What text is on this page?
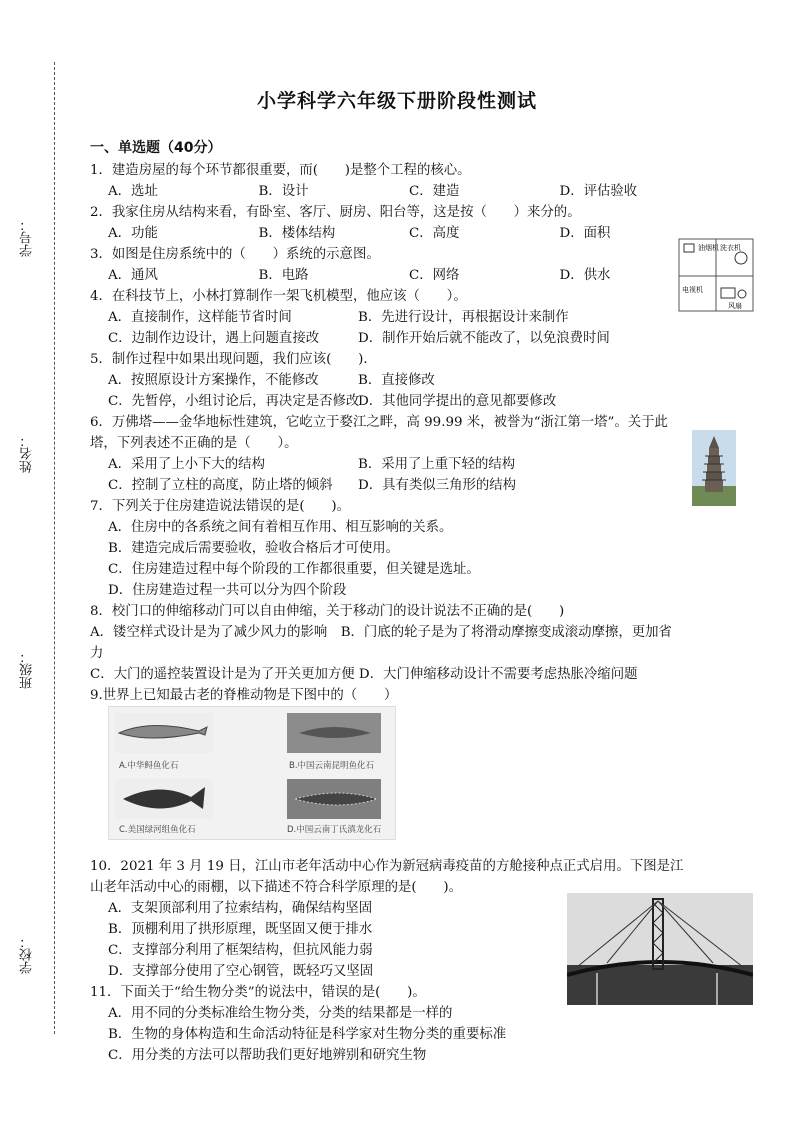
学号：
姓名：
班级：
学校：
小学科学六年级下册阶段性测试
一、单选题（40分）
1．建造房屋的每个环节都很重要，而(　　)是整个工程的核心。
A．选址	B．设计	C．建造	D．评估验收
2．我家住房从结构来看，有卧室、客厅、厨房、阳台等，这是按（　　）来分的。
A．功能	B．楼体结构	C．高度	D．面积
3．如图是住房系统中的（　　）系统的示意图。
A．通风	B．电路	C．网络	D．供水
4．在科技节上，小林打算制作一架飞机模型，他应该（　　）。
A．直接制作，这样能节省时间	B．先进行设计，再根据设计来制作
C．边制作边设计，遇上问题直接改	D．制作开始后就不能改了，以免浪费时间
5．制作过程中如果出现问题，我们应该(　　)．
A．按照原设计方案操作，不能修改	B．直接修改
C．先暂停，小组讨论后，再决定是否修改
D．其他同学提出的意见都要修改
6．万佛塔——金华地标性建筑，它屹立于婺江之畔，高 99.99 米，被誉为“浙江第一塔”。关于此
塔，下列表述不正确的是（　　）。
A．采用了上小下大的结构	B．采用了上重下轻的结构
C．控制了立柱的高度，防止塔的倾斜	D．具有类似三角形的结构
7．下列关于住房建造说法错误的是(　　)。
A．住房中的各系统之间有着相互作用、相互影响的关系。
B．建造完成后需要验收，验收合格后才可使用。
C．住房建造过程中每个阶段的工作都很重要，但关键是选址。
D．住房建造过程一共可以分为四个阶段
8．校门口的伸缩移动门可以自由伸缩，关于移动门的设计说法不正确的是(　　)
A．镂空样式设计是为了减少风力的影响　B．门底的轮子是为了将滑动摩擦变成滚动摩擦，更加省
力
C．大门的遥控装置设计是为了开关更加方便 D．大门伸缩移动设计不需要考虑热胀冷缩问题
9.世界上已知最古老的脊椎动物是下图中的（　　）
10．2021 年 3 月 19 日，江山市老年活动中心作为新冠病毒疫苗的方舱接种点正式启用。下图是江
山老年活动中心的雨棚，以下描述不符合科学原理的是(　　)。
A．支架顶部利用了拉索结构，确保结构坚固
B．顶棚利用了拱形原理，既坚固又便于排水
C．支撑部分利用了框架结构，但抗风能力弱
D．支撑部分使用了空心钢管，既轻巧又坚固
11．下面关于“给生物分类”的说法中，错误的是(　　)。
A．用不同的分类标准给生物分类，分类的结果都是一样的
B．生物的身体构造和生命活动特征是科学家对生物分类的重要标准
C．用分类的方法可以帮助我们更好地辨别和研究生物
油烟机 洗衣机
电视机
风扇
A.中华鲟鱼化石	B.中国云南昆明鱼化石
C.美国绿河组鱼化石	D.中国云南丁氏滇龙化石
